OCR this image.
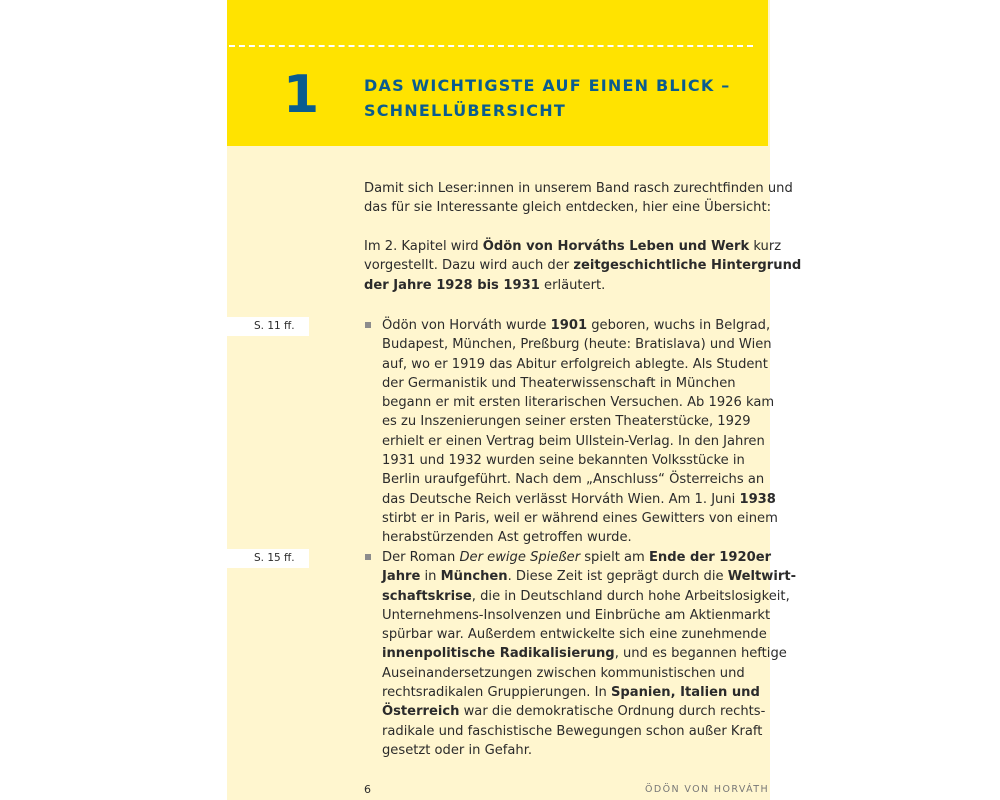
1	DAS WICHTIGSTE AUF EINEN BLICK –
SCHNELLÜBERSICHT
Damit sich Leser:innen in unserem Band rasch zurechtfinden und
das für sie Interessante gleich entdecken, hier eine Übersicht:
Im 2. Kapitel wird Ödön von Horváths Leben und Werk kurz
vorgestellt. Dazu wird auch der zeitgeschichtliche Hintergrund
der Jahre 1928 bis 1931 erläutert.
S. 11 ff.
S. 15 ff.
Ödön von Horváth wurde 1901 geboren, wuchs in Belgrad,
Budapest, München, Preßburg (heute: Bratislava) und Wien
auf, wo er 1919 das Abitur erfolgreich ablegte. Als Student
der Germanistik und Theaterwissenschaft in München
begann er mit ersten literarischen Versuchen. Ab 1926 kam
es zu Inszenierungen seiner ersten Theaterstücke, 1929
erhielt er einen Vertrag beim Ullstein-Verlag. In den Jahren
1931 und 1932 wurden seine bekannten Volksstücke in
Berlin uraufgeführt. Nach dem „Anschluss“ Österreichs an
das Deutsche Reich verlässt Horváth Wien. Am 1. Juni 1938
stirbt er in Paris, weil er während eines Gewitters von einem
herabstürzenden Ast getroffen wurde.
Der Roman Der ewige Spießer spielt am Ende der 1920er
Jahre in München. Diese Zeit ist geprägt durch die Weltwirt-
schaftskrise, die in Deutschland durch hohe Arbeitslosigkeit,
Unternehmens-Insolvenzen und Einbrüche am Aktienmarkt
spürbar war. Außerdem entwickelte sich eine zunehmende
innenpolitische Radikalisierung, und es begannen heftige
Auseinandersetzungen zwischen kommunistischen und
rechtsradikalen Gruppierungen. In Spanien, Italien und
Österreich war die demokratische Ordnung durch rechts-
radikale und faschistische Bewegungen schon außer Kraft
gesetzt oder in Gefahr.
6	ÖDÖN VON HORVÁTH
